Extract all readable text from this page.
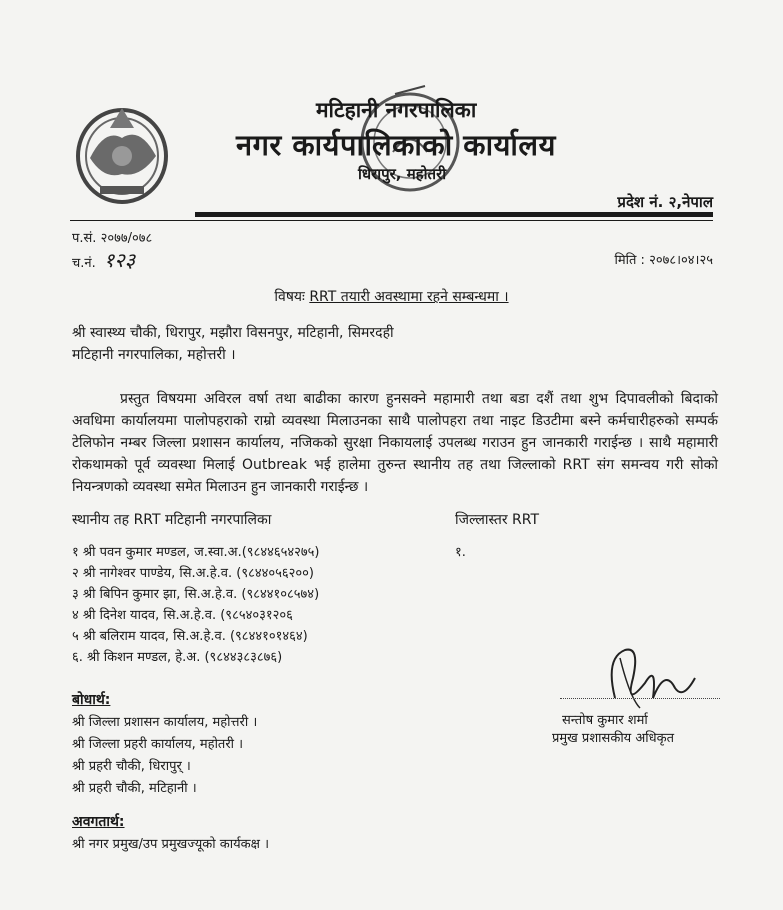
मटिहानी नगरपालिका
नगर कार्यपालिकाको कार्यालय
धिरापुर, महोतरी
प्रदेश नं. २,नेपाल
प.सं. २०७७/०७८
च.नं. १२३	मिति : २०७८।०४।२५
विषयः RRT तयारी अवस्थामा रहने सम्बन्धमा ।
श्री स्वास्थ्य चौकी, धिरापुर, मझौरा विसनपुर, मटिहानी, सिमरदही
मटिहानी नगरपालिका, महोत्तरी ।

प्रस्तुत विषयमा अविरल वर्षा तथा बाढीका कारण हुनसक्ने महामारी तथा बडा दशैं तथा शुभ दिपावलीको बिदाको अवधिमा कार्यालयमा पालोपहराको राम्रो व्यवस्था मिलाउनका साथै पालोपहरा तथा नाइट डिउटीमा बस्ने कर्मचारीहरुको सम्पर्क टेलिफोन नम्बर जिल्ला प्रशासन कार्यालय, नजिकको सुरक्षा निकायलाई उपलब्ध गराउन हुन जानकारी गराईन्छ । साथै महामारी रोकथामको पूर्व व्यवस्था मिलाई Outbreak भई हालेमा तुरुन्त स्थानीय तह तथा जिल्लाको RRT संग समन्वय गरी सोको नियन्त्रणको व्यवस्था समेत मिलाउन हुन जानकारी गराईन्छ ।

स्थानीय तह RRT मटिहानी नगरपालिका	जिल्लास्तर RRT
१.
१ श्री पवन कुमार मण्डल, ज.स्वा.अ.(९८४४६५४२७५)
२ श्री नागेश्वर पाण्डेय, सि.अ.हे.व. (९८४४०५६२००)
३ श्री बिपिन कुमार झा, सि.अ.हे.व. (९८४४१०८५७४)
४ श्री दिनेश यादव, सि.अ.हे.व. (९८५४०३१२०६
५ श्री बलिराम यादव, सि.अ.हे.व. (९८४४१०१४६४)
६. श्री किशन मण्डल, हे.अ. (९८४४३८३८७६)
सन्तोष कुमार शर्मा
प्रमुख प्रशासकीय अधिकृत
बोधार्थ:
श्री जिल्ला प्रशासन कार्यालय, महोत्तरी ।
श्री जिल्ला प्रहरी कार्यालय, महोतरी ।
श्री प्रहरी चौकी, धिरापुर् ।
श्री प्रहरी चौकी, मटिहानी ।
अवगतार्थ:
श्री नगर प्रमुख/उप प्रमुखज्यूको कार्यकक्ष ।
